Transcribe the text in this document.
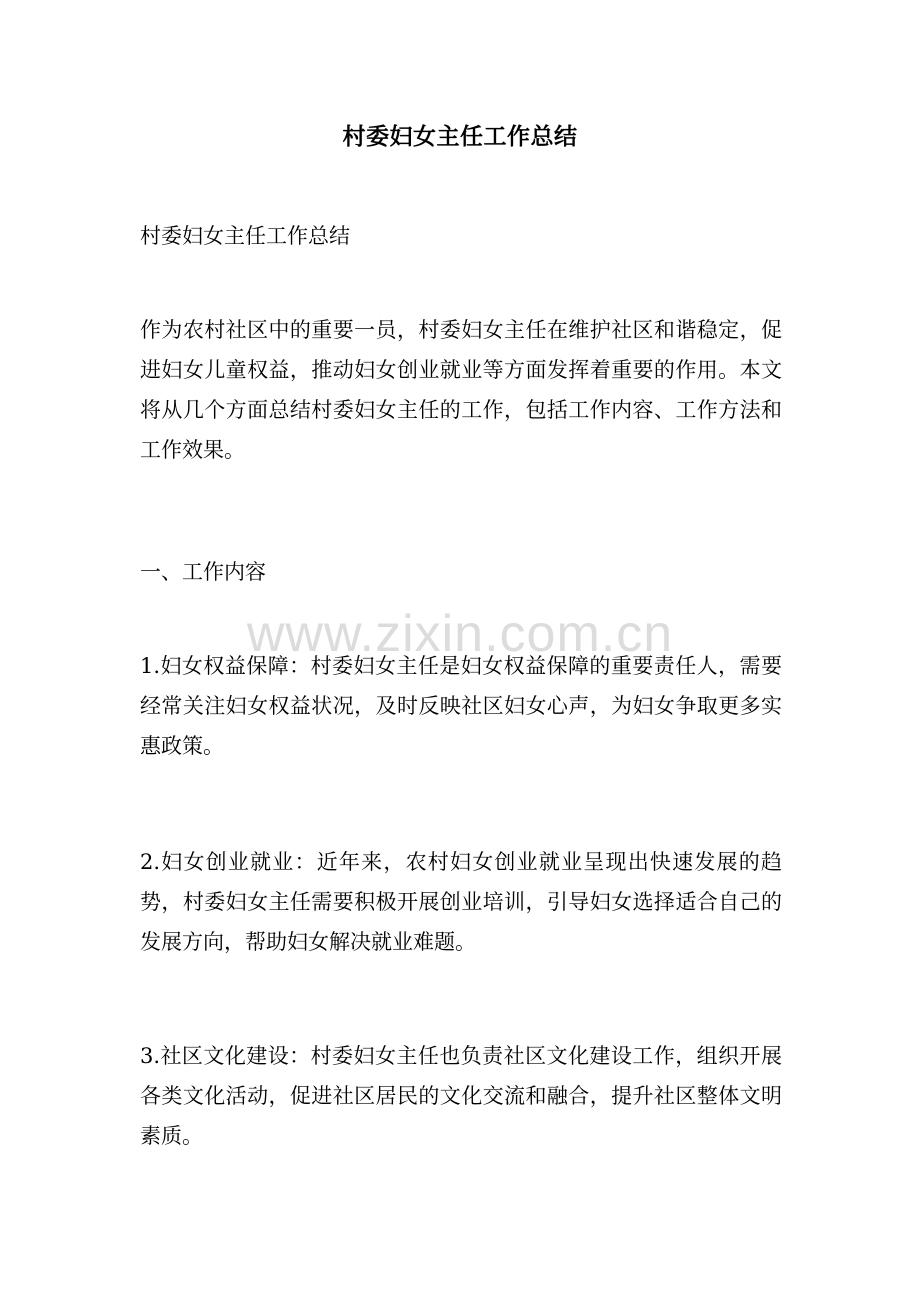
村委妇女主任工作总结
村委妇女主任工作总结
作为农村社区中的重要一员，村委妇女主任在维护社区和谐稳定，促进妇女儿童权益，推动妇女创业就业等方面发挥着重要的作用。本文将从几个方面总结村委妇女主任的工作，包括工作内容、工作方法和工作效果。
一、工作内容
1.妇女权益保障：村委妇女主任是妇女权益保障的重要责任人，需要经常关注妇女权益状况，及时反映社区妇女心声，为妇女争取更多实惠政策。
2.妇女创业就业：近年来，农村妇女创业就业呈现出快速发展的趋势，村委妇女主任需要积极开展创业培训，引导妇女选择适合自己的发展方向，帮助妇女解决就业难题。
3.社区文化建设：村委妇女主任也负责社区文化建设工作，组织开展各类文化活动，促进社区居民的文化交流和融合，提升社区整体文明素质。
www.zixin.com.cn
